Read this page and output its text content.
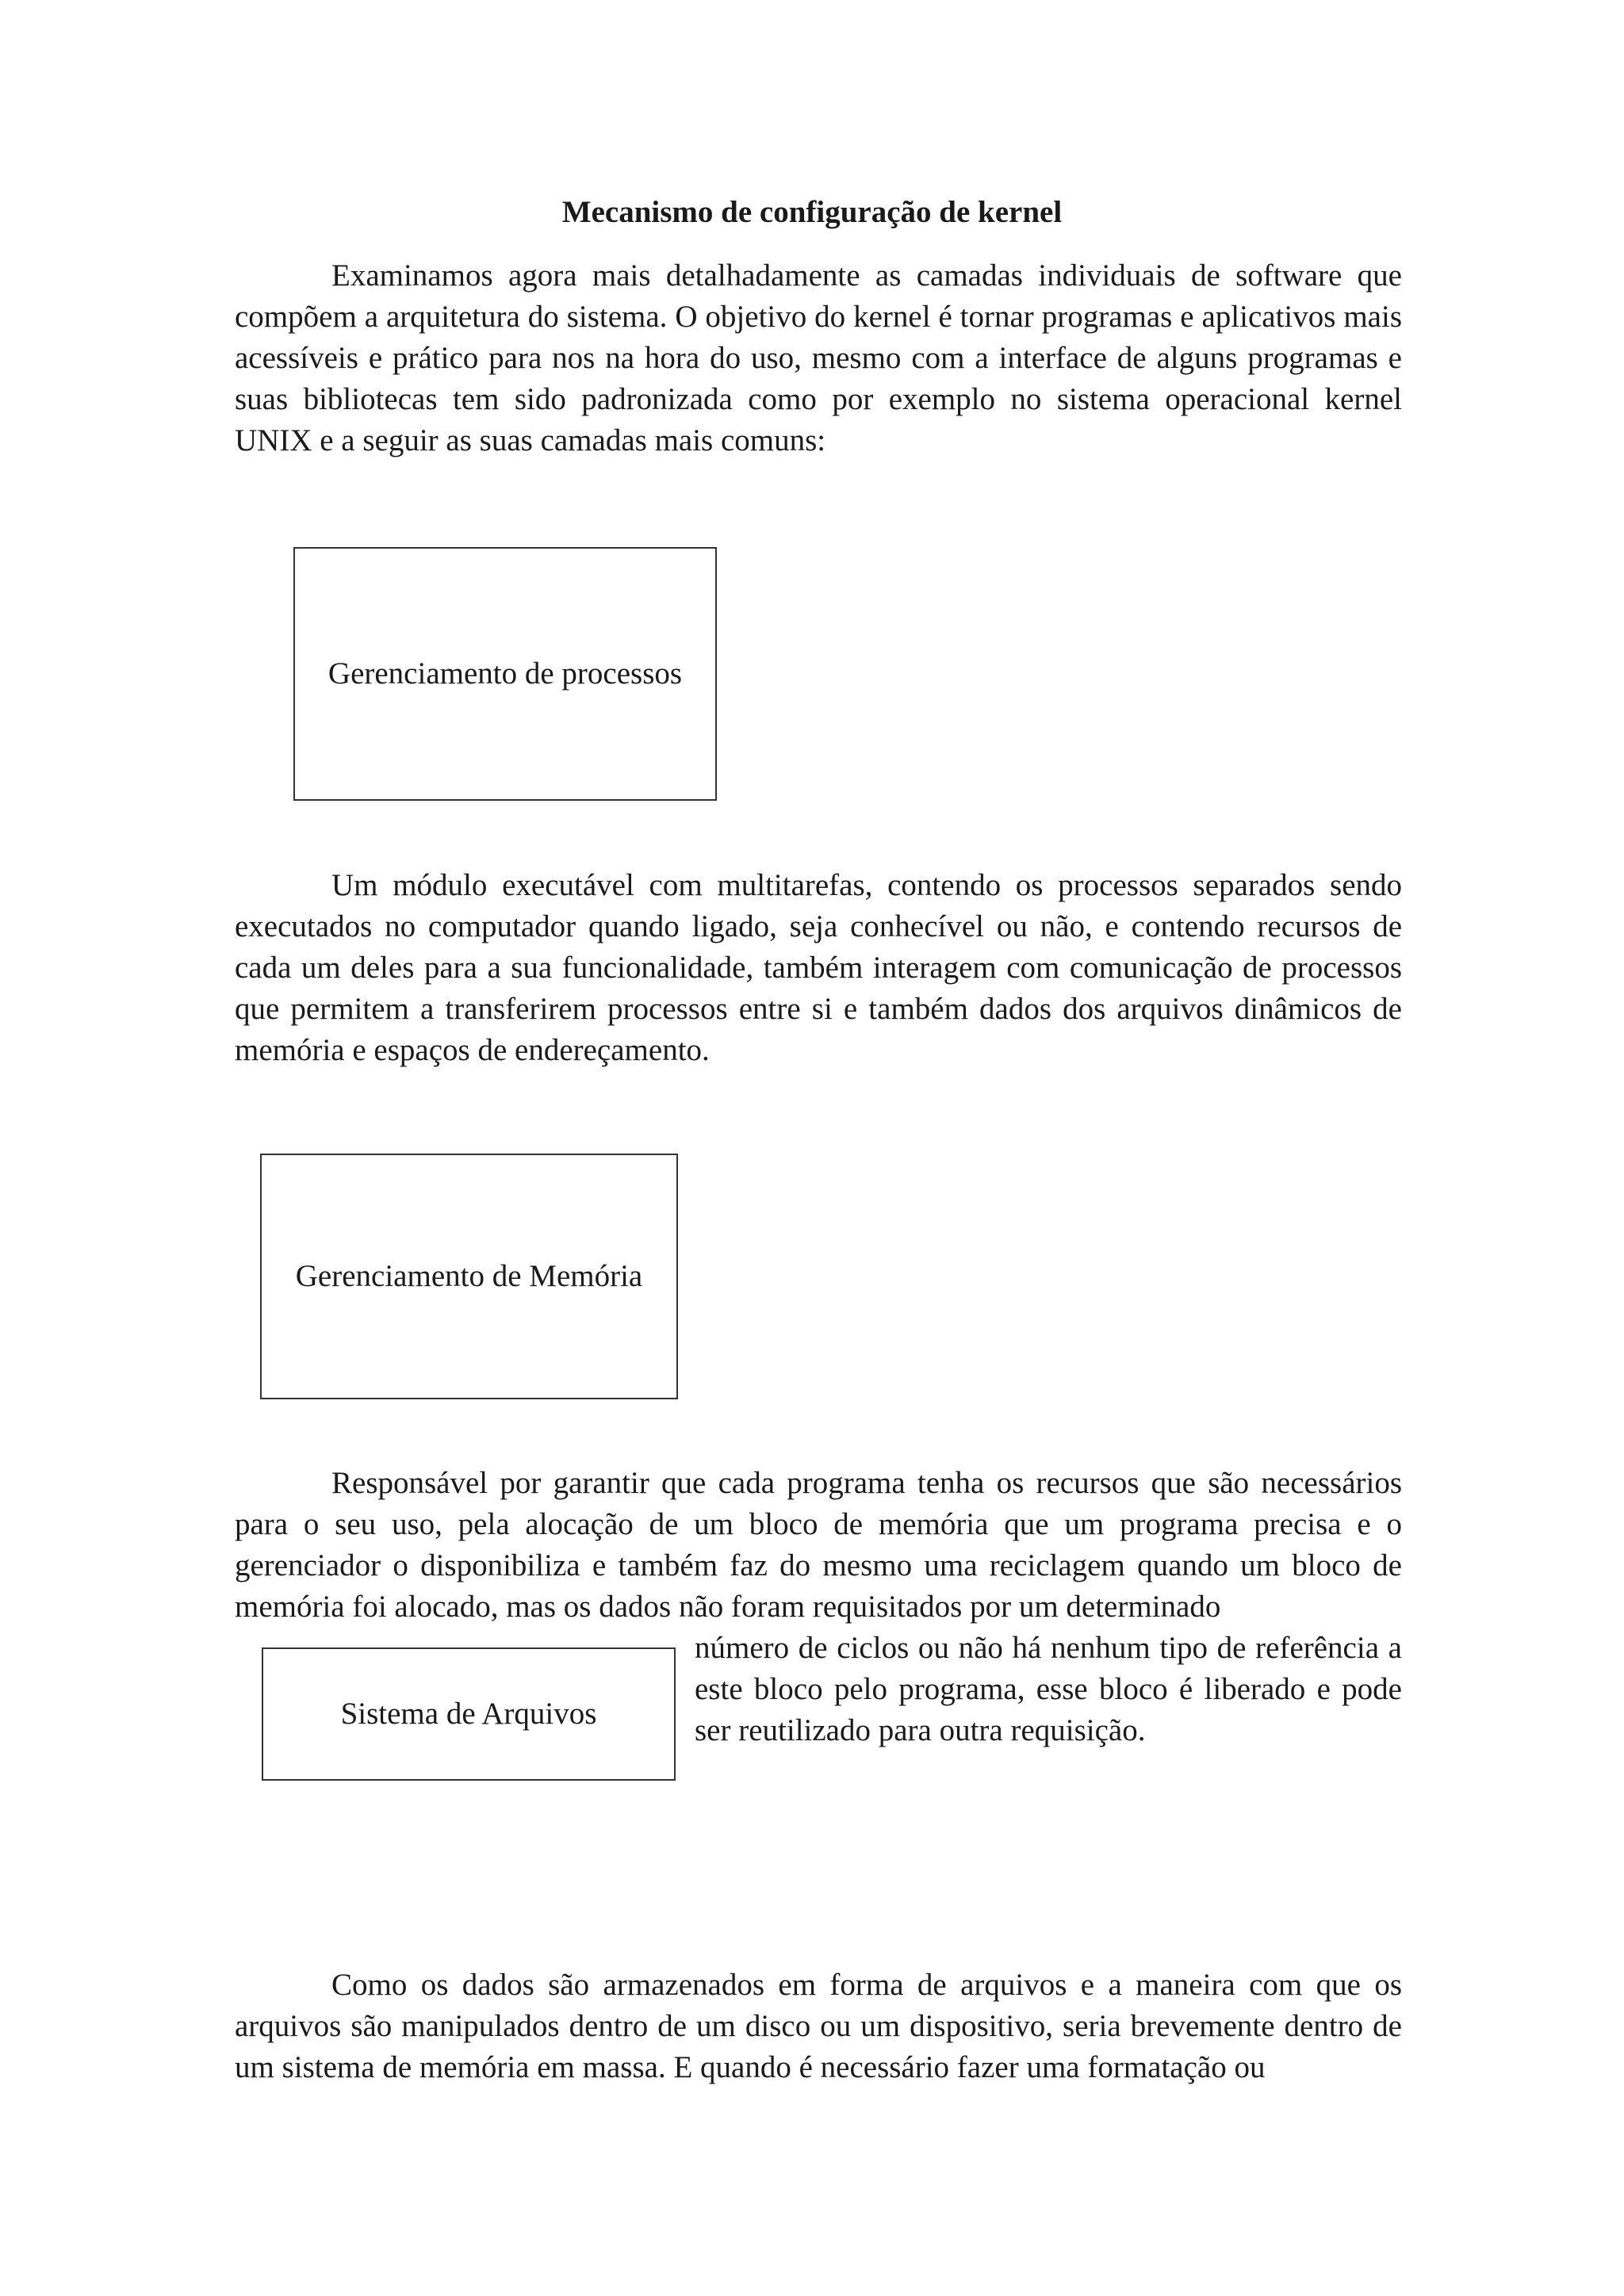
Mecanismo de configuração de kernel

Examinamos agora mais detalhadamente as camadas individuais de software que compõem a arquitetura do sistema. O objetivo do kernel é tornar programas e aplicativos mais acessíveis e prático para nos na hora do uso, mesmo com a interface de alguns programas e suas bibliotecas tem sido padronizada como por exemplo no sistema operacional kernel UNIX e a seguir as suas camadas mais comuns:

Gerenciamento de processos

Um módulo executável com multitarefas, contendo os processos separados sendo executados no computador quando ligado, seja conhecível ou não, e contendo recursos de cada um deles para a sua funcionalidade, também interagem com comunicação de processos que permitem a transferirem processos entre si e também dados dos arquivos dinâmicos de memória e espaços de endereçamento.

Gerenciamento de Memória

Responsável por garantir que cada programa tenha os recursos que são necessários para o seu uso, pela alocação de um bloco de memória que um programa precisa e o gerenciador o disponibiliza e também faz do mesmo uma reciclagem quando um bloco de memória foi alocado, mas os dados não foram requisitados por um determinado

Sistema de Arquivos

número de ciclos ou não há nenhum tipo de referência a este bloco pelo programa, esse bloco é liberado e pode ser reutilizado para outra requisição.

Como os dados são armazenados em forma de arquivos e a maneira com que os arquivos são manipulados dentro de um disco ou um dispositivo, seria brevemente dentro de um sistema de memória em massa. E quando é necessário fazer uma formatação ou
